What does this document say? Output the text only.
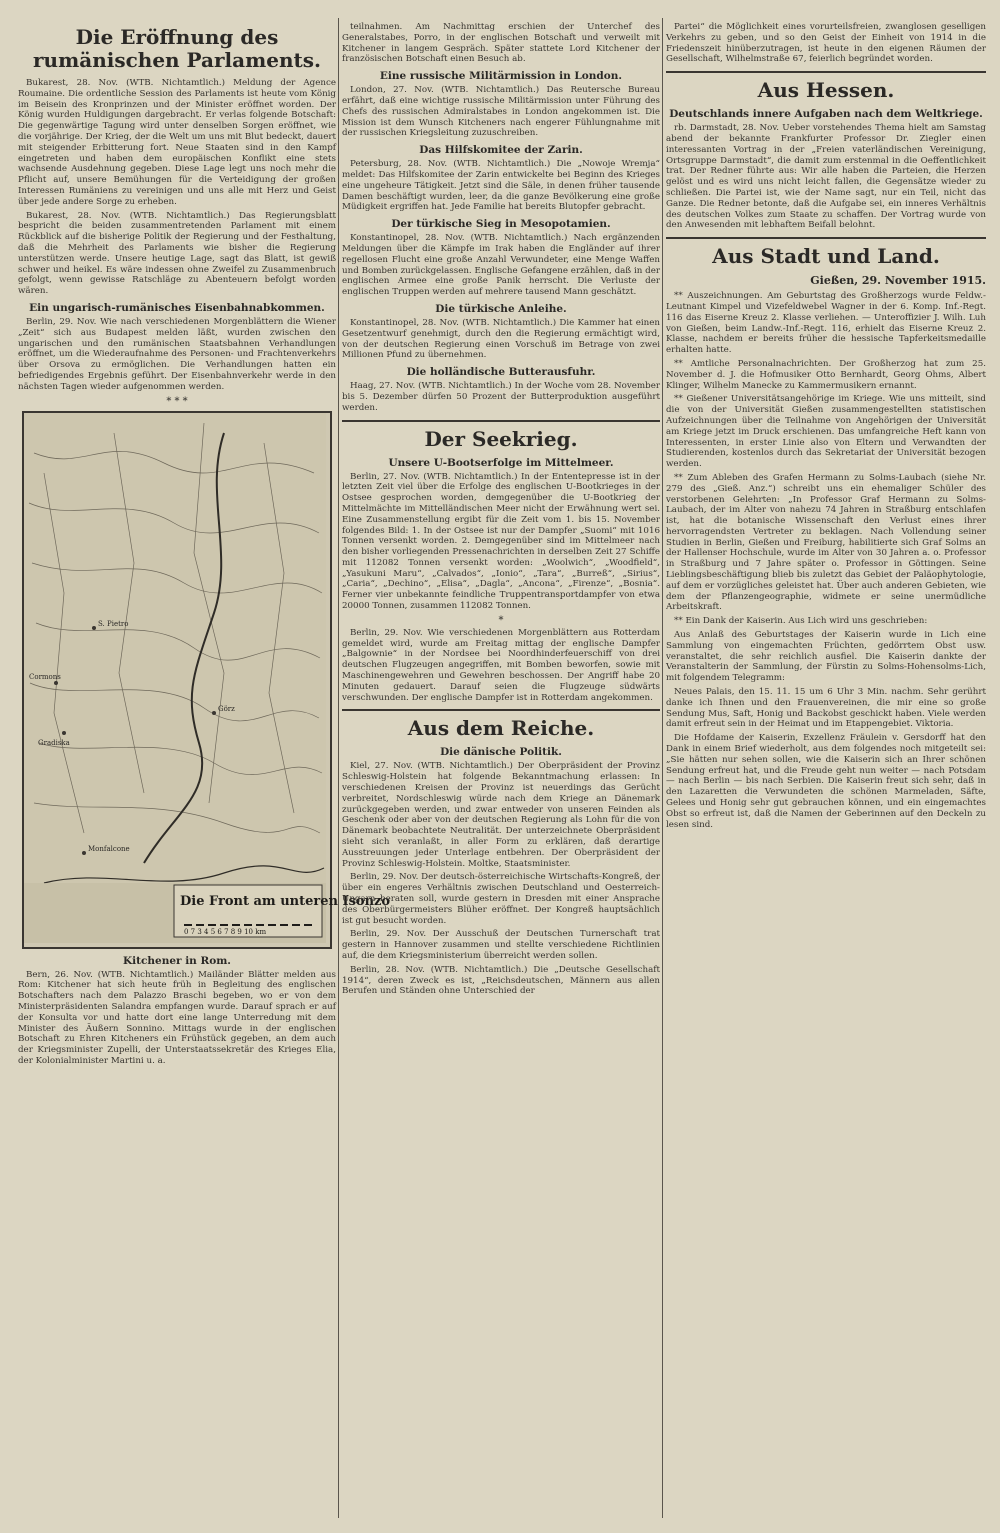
Die Eröffnung des rumänischen Parlaments.

Bukarest, 28. Nov. (WTB. Nichtamtlich.) Meldung der Agence Roumaine. Die ordentliche Session des Parlaments ist heute vom König im Beisein des Kronprinzen und der Minister eröffnet worden. Der König wurden Huldigungen dargebracht. Er verlas folgende Botschaft: Die gegenwärtige Tagung wird unter denselben Sorgen eröffnet, wie die vorjährige. Der Krieg, der die Welt um uns mit Blut bedeckt, dauert mit steigender Erbitterung fort. Neue Staaten sind in den Kampf eingetreten und haben dem europäischen Konflikt eine stets wachsende Ausdehnung gegeben. Diese Lage legt uns noch mehr die Pflicht auf, unsere Bemühungen für die Verteidigung der großen Interessen Rumäniens zu vereinigen und uns alle mit Herz und Geist über jede andere Sorge zu erheben.

Bukarest, 28. Nov. (WTB. Nichtamtlich.) Das Regierungsblatt bespricht die beiden zusammentretenden Parlament mit einem Rückblick auf die bisherige Politik der Regierung und der Festhaltung, daß die Mehrheit des Parlaments wie bisher die Regierung unterstützen werde. Unsere heutige Lage, sagt das Blatt, ist gewiß schwer und heikel. Es wäre indessen ohne Zweifel zu Zusammenbruch gefolgt, wenn gewisse Ratschläge zu Abenteuern befolgt worden wären.

Ein ungarisch-rumänisches Eisenbahnabkommen.

Berlin, 29. Nov. Wie nach verschiedenen Morgenblättern die Wiener „Zeit“ sich aus Budapest melden läßt, wurden zwischen den ungarischen und den rumänischen Staatsbahnen Verhandlungen eröffnet, um die Wiederaufnahme des Personen- und Frachtenverkehrs über Orsova zu ermöglichen. Die Verhandlungen hatten ein befriedigendes Ergebnis geführt. Der Eisenbahnverkehr werde in den nächsten Tagen wieder aufgenommen werden.

* * *
S. Pietro
Görz
Gradiska
Monfalcone
Cormons
Die Front am unteren Isonzo
0 7 3 4 5 6 7 8 9 10 km
Kitchener in Rom.

Bern, 26. Nov. (WTB. Nichtamtlich.) Mailänder Blätter melden aus Rom: Kitchener hat sich heute früh in Begleitung des englischen Botschafters nach dem Palazzo Braschi begeben, wo er von dem Ministerpräsidenten Salandra empfangen wurde. Darauf sprach er auf der Konsulta vor und hatte dort eine lange Unterredung mit dem Minister des Äußern Sonnino. Mittags wurde in der englischen Botschaft zu Ehren Kitcheners ein Frühstück gegeben, an dem auch der Kriegsminister Zupelli, der Unterstaatssekretär des Krieges Elia, der Kolonialminister Martini u. a.

teilnahmen. Am Nachmittag erschien der Unterchef des Generalstabes, Porro, in der englischen Botschaft und verweilt mit Kitchener in langem Gespräch. Später stattete Lord Kitchener der französischen Botschaft einen Besuch ab.

Eine russische Militärmission in London.

London, 27. Nov. (WTB. Nichtamtlich.) Das Reutersche Bureau erfährt, daß eine wichtige russische Militärmission unter Führung des Chefs des russischen Admiralstabes in London angekommen ist. Die Mission ist dem Wunsch Kitcheners nach engerer Fühlungnahme mit der russischen Kriegsleitung zuzuschreiben.

Das Hilfskomitee der Zarin.

Petersburg, 28. Nov. (WTB. Nichtamtlich.) Die „Nowoje Wremja“ meldet: Das Hilfskomitee der Zarin entwickelte bei Beginn des Krieges eine ungeheure Tätigkeit. Jetzt sind die Säle, in denen früher tausende Damen beschäftigt wurden, leer, da die ganze Bevölkerung eine große Müdigkeit ergriffen hat. Jede Familie hat bereits Blutopfer gebracht.

Der türkische Sieg in Mesopotamien.

Konstantinopel, 28. Nov. (WTB. Nichtamtlich.) Nach ergänzenden Meldungen über die Kämpfe im Irak haben die Engländer auf ihrer regellosen Flucht eine große Anzahl Verwundeter, eine Menge Waffen und Bomben zurückgelassen. Englische Gefangene erzählen, daß in der englischen Armee eine große Panik herrscht. Die Verluste der englischen Truppen werden auf mehrere tausend Mann geschätzt.

Die türkische Anleihe.

Konstantinopel, 28. Nov. (WTB. Nichtamtlich.) Die Kammer hat einen Gesetzentwurf genehmigt, durch den die Regierung ermächtigt wird, von der deutschen Regierung einen Vorschuß im Betrage von zwei Millionen Pfund zu übernehmen.

Die holländische Butterausfuhr.

Haag, 27. Nov. (WTB. Nichtamtlich.) In der Woche vom 28. November bis 5. Dezember dürfen 50 Prozent der Butterproduktion ausgeführt werden.

Der Seekrieg.
Unsere U-Bootserfolge im Mittelmeer.

Berlin, 27. Nov. (WTB. Nichtamtlich.) In der Ententepresse ist in der letzten Zeit viel über die Erfolge des englischen U-Bootkrieges in der Ostsee gesprochen worden, demgegenüber die U-Bootkrieg der Mittelmächte im Mittelländischen Meer nicht der Erwähnung wert sei. Eine Zusammenstellung ergibt für die Zeit vom 1. bis 15. November folgendes Bild: 1. In der Ostsee ist nur der Dampfer „Suomi“ mit 1016 Tonnen versenkt worden. 2. Demgegenüber sind im Mittelmeer nach den bisher vorliegenden Pressenachrichten in derselben Zeit 27 Schiffe mit 112082 Tonnen versenkt worden: „Woolwich“, „Woodfield“, „Yasukuni Maru“, „Calvados“, „Ionio“, „Tara“, „Burreß“, „Sirius“, „Caria“, „Dechino“, „Elisa“, „Dagla“, „Ancona“, „Firenze“, „Bosnia“. Ferner vier unbekannte feindliche Truppentransportdampfer von etwa 20000 Tonnen, zusammen 112082 Tonnen.

*

Berlin, 29. Nov. Wie verschiedenen Morgenblättern aus Rotterdam gemeldet wird, wurde am Freitag mittag der englische Dampfer „Balgownie“ in der Nordsee bei Noordhinderfeuerschiff von drei deutschen Flugzeugen angegriffen, mit Bomben beworfen, sowie mit Maschinengewehren und Gewehren beschossen. Der Angriff habe 20 Minuten gedauert. Darauf seien die Flugzeuge südwärts verschwunden. Der englische Dampfer ist in Rotterdam angekommen.

Aus dem Reiche.
Die dänische Politik.

Kiel, 27. Nov. (WTB. Nichtamtlich.) Der Oberpräsident der Provinz Schleswig-Holstein hat folgende Bekanntmachung erlassen: In verschiedenen Kreisen der Provinz ist neuerdings das Gerücht verbreitet, Nordschleswig würde nach dem Kriege an Dänemark zurückgegeben werden, und zwar entweder von unseren Feinden als Geschenk oder aber von der deutschen Regierung als Lohn für die von Dänemark beobachtete Neutralität. Der unterzeichnete Oberpräsident sieht sich veranlaßt, in aller Form zu erklären, daß derartige Ausstreuungen jeder Unterlage entbehren. Der Oberpräsident der Provinz Schleswig-Holstein. Moltke, Staatsminister.

Berlin, 29. Nov. Der deutsch-österreichische Wirtschafts-Kongreß, der über ein engeres Verhältnis zwischen Deutschland und Oesterreich-Ungarn beraten soll, wurde gestern in Dresden mit einer Ansprache des Oberbürgermeisters Blüher eröffnet. Der Kongreß hauptsächlich ist gut besucht worden.

Berlin, 29. Nov. Der Ausschuß der Deutschen Turnerschaft trat gestern in Hannover zusammen und stellte verschiedene Richtlinien auf, die dem Kriegsministerium überreicht werden sollen.

Berlin, 28. Nov. (WTB. Nichtamtlich.) Die „Deutsche Gesellschaft 1914“, deren Zweck es ist, „Reichsdeutschen, Männern aus allen Berufen und Ständen ohne Unterschied der

Partei“ die Möglichkeit eines vorurteilsfreien, zwanglosen geselligen Verkehrs zu geben, und so den Geist der Einheit von 1914 in die Friedenszeit hinüberzutragen, ist heute in den eigenen Räumen der Gesellschaft, Wilhelmstraße 67, feierlich begründet worden.

Aus Hessen.
Deutschlands innere Aufgaben nach dem Weltkriege.

rb. Darmstadt, 28. Nov. Ueber vorstehendes Thema hielt am Samstag abend der bekannte Frankfurter Professor Dr. Ziegler einen interessanten Vortrag in der „Freien vaterländischen Vereinigung, Ortsgruppe Darmstadt“, die damit zum erstenmal in die Oeffentlichkeit trat. Der Redner führte aus: Wir alle haben die Parteien, die Herzen gelöst und es wird uns nicht leicht fallen, die Gegensätze wieder zu schließen. Die Partei ist, wie der Name sagt, nur ein Teil, nicht das Ganze. Die Redner betonte, daß die Aufgabe sei, ein inneres Verhältnis des deutschen Volkes zum Staate zu schaffen. Der Vortrag wurde von den Anwesenden mit lebhaftem Beifall belohnt.

Aus Stadt und Land.

Gießen, 29. November 1915.

** Auszeichnungen. Am Geburtstag des Großherzogs wurde Feldw.-Leutnant Kimpel und Vizefeldwebel Wagner in der 6. Komp. Inf.-Regt. 116 das Eiserne Kreuz 2. Klasse verliehen. — Unteroffizier J. Wilh. Luh von Gießen, beim Landw.-Inf.-Regt. 116, erhielt das Eiserne Kreuz 2. Klasse, nachdem er bereits früher die hessische Tapferkeitsmedaille erhalten hatte.

** Amtliche Personalnachrichten. Der Großherzog hat zum 25. November d. J. die Hofmusiker Otto Bernhardt, Georg Ohms, Albert Klinger, Wilhelm Manecke zu Kammermusikern ernannt.

** Gießener Universitätsangehörige im Kriege. Wie uns mitteilt, sind die von der Universität Gießen zusammengestellten statistischen Aufzeichnungen über die Teilnahme von Angehörigen der Universität am Kriege jetzt im Druck erschienen. Das umfangreiche Heft kann von Interessenten, in erster Linie also von Eltern und Verwandten der Studierenden, kostenlos durch das Sekretariat der Universität bezogen werden.

** Zum Ableben des Grafen Hermann zu Solms-Laubach (siehe Nr. 279 des „Gieß. Anz.“) schreibt uns ein ehemaliger Schüler des verstorbenen Gelehrten: „In Professor Graf Hermann zu Solms-Laubach, der im Alter von nahezu 74 Jahren in Straßburg entschlafen ist, hat die botanische Wissenschaft den Verlust eines ihrer hervorragendsten Vertreter zu beklagen. Nach Vollendung seiner Studien in Berlin, Gießen und Freiburg, habilitierte sich Graf Solms an der Hallenser Hochschule, wurde im Alter von 30 Jahren a. o. Professor in Straßburg und 7 Jahre später o. Professor in Göttingen. Seine Lieblingsbeschäftigung blieb bis zuletzt das Gebiet der Paläophytologie, auf dem er vorzügliches geleistet hat. Über auch anderen Gebieten, wie dem der Pflanzengeographie, widmete er seine unermüdliche Arbeitskraft.

** Ein Dank der Kaiserin. Aus Lich wird uns geschrieben:

Aus Anlaß des Geburtstages der Kaiserin wurde in Lich eine Sammlung von eingemachten Früchten, gedörrtem Obst usw. veranstaltet, die sehr reichlich ausfiel. Die Kaiserin dankte der Veranstalterin der Sammlung, der Fürstin zu Solms-Hohensolms-Lich, mit folgendem Telegramm:

Neues Palais, den 15. 11. 15 um 6 Uhr 3 Min. nachm. Sehr gerührt danke ich Ihnen und den Frauenvereinen, die mir eine so große Sendung Mus, Saft, Honig und Backobst geschickt haben. Viele werden damit erfreut sein in der Heimat und im Etappengebiet. Viktoria.

Die Hofdame der Kaiserin, Exzellenz Fräulein v. Gersdorff hat den Dank in einem Brief wiederholt, aus dem folgendes noch mitgeteilt sei: „Sie hätten nur sehen sollen, wie die Kaiserin sich an Ihrer schönen Sendung erfreut hat, und die Freude geht nun weiter — nach Potsdam — nach Berlin — bis nach Serbien. Die Kaiserin freut sich sehr, daß in den Lazaretten die Verwundeten die schönen Marmeladen, Säfte, Gelees und Honig sehr gut gebrauchen können, und ein eingemachtes Obst so erfreut ist, daß die Namen der Geberinnen auf den Deckeln zu lesen sind.
